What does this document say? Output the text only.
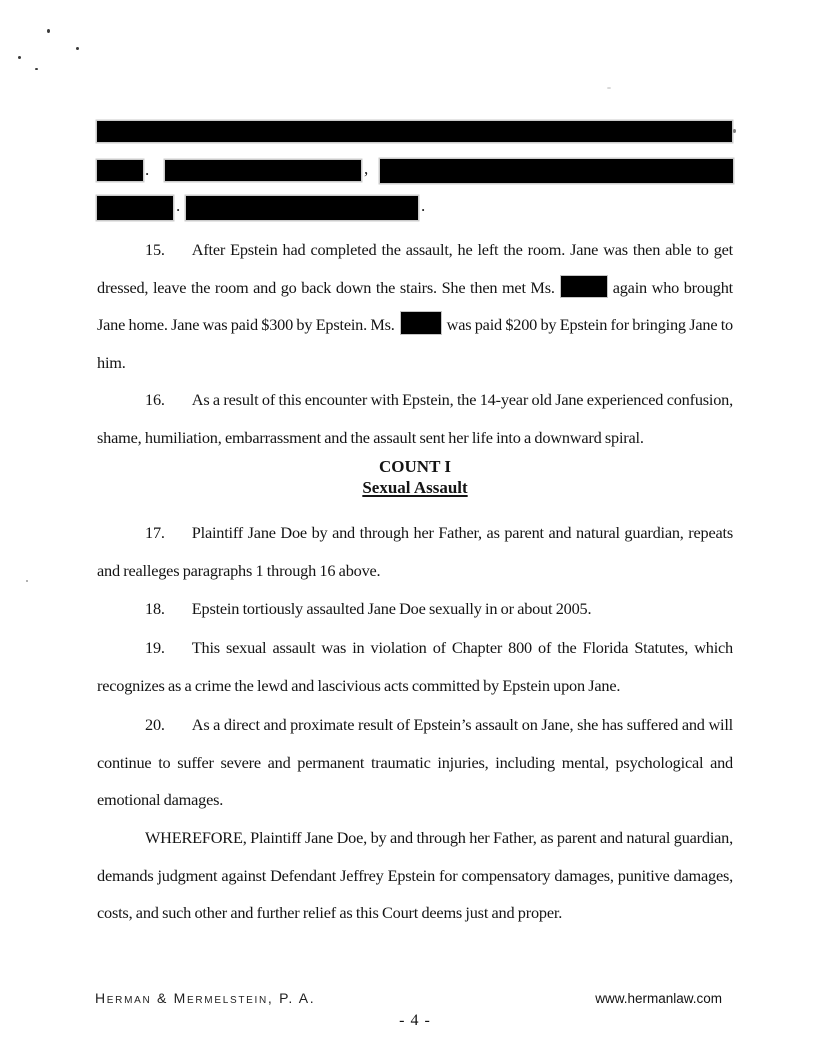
.	,
.	.

15. After Epstein had completed the assault, he left the room. Jane was then able to get dressed, leave the room and go back down the stairs. She then met Ms.	again who brought Jane home. Jane was paid $300 by Epstein. Ms.	was paid $200 by Epstein for bringing Jane to him.

16. As a result of this encounter with Epstein, the 14-year old Jane experienced confusion, shame, humiliation, embarrassment and the assault sent her life into a downward spiral.

COUNT I
Sexual Assault

17. Plaintiff Jane Doe by and through her Father, as parent and natural guardian, repeats and realleges paragraphs 1 through 16 above.

18. Epstein tortiously assaulted Jane Doe sexually in or about 2005.

19. This sexual assault was in violation of Chapter 800 of the Florida Statutes, which recognizes as a crime the lewd and lascivious acts committed by Epstein upon Jane.

20. As a direct and proximate result of Epstein’s assault on Jane, she has suffered and will continue to suffer severe and permanent traumatic injuries, including mental, psychological and emotional damages.

WHEREFORE, Plaintiff Jane Doe, by and through her Father, as parent and natural guardian, demands judgment against Defendant Jeffrey Epstein for compensatory damages, punitive damages, costs, and such other and further relief as this Court deems just and proper.

Herman & Mermelstein, P. A.	www.hermanlaw.com
- 4 -
